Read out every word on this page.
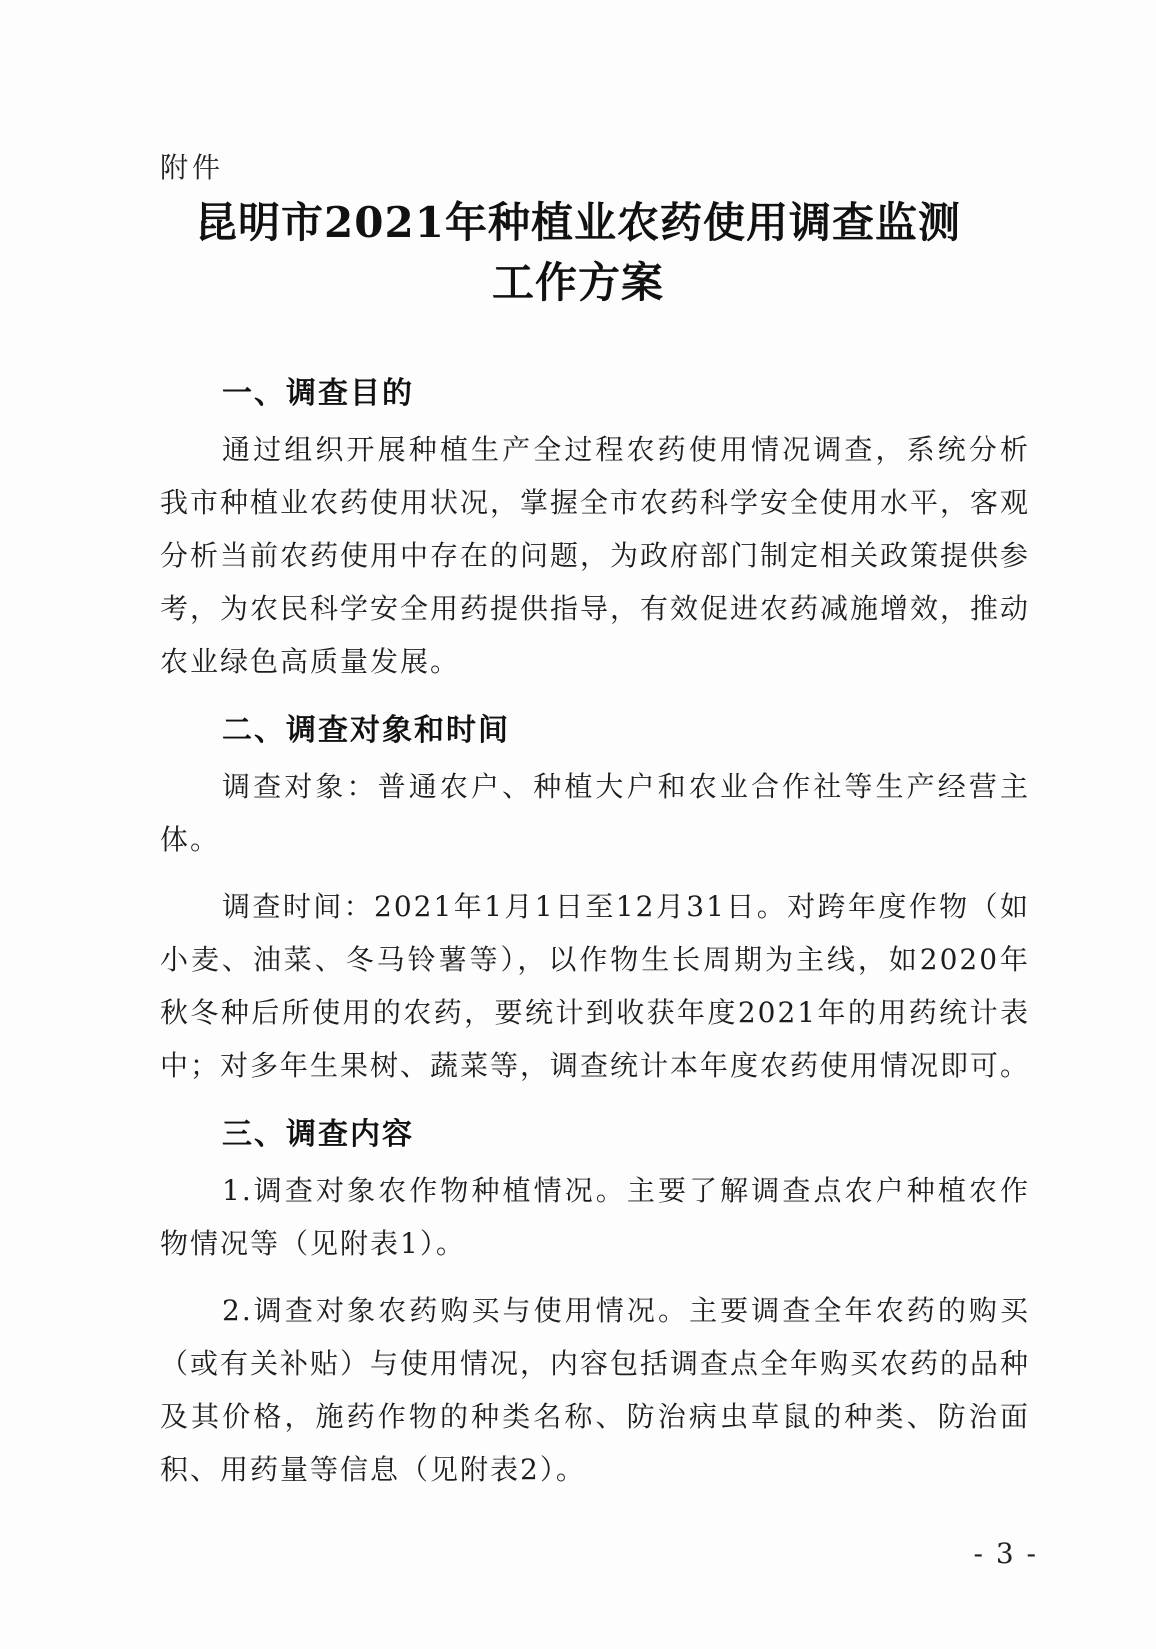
附件
昆明市2021年种植业农药使用调查监测
工作方案
一、调查目的

通过组织开展种植生产全过程农药使用情况调查，系统分析我市种植业农药使用状况，掌握全市农药科学安全使用水平，客观分析当前农药使用中存在的问题，为政府部门制定相关政策提供参考，为农民科学安全用药提供指导，有效促进农药减施增效，推动农业绿色高质量发展。

二、调查对象和时间

调查对象：普通农户、种植大户和农业合作社等生产经营主体。

调查时间：2021年1月1日至12月31日。对跨年度作物（如小麦、油菜、冬马铃薯等），以作物生长周期为主线，如2020年秋冬种后所使用的农药，要统计到收获年度2021年的用药统计表中；对多年生果树、蔬菜等，调查统计本年度农药使用情况即可。

三、调查内容

1.调查对象农作物种植情况。主要了解调查点农户种植农作物情况等（见附表1）。

2.调查对象农药购买与使用情况。主要调查全年农药的购买（或有关补贴）与使用情况，内容包括调查点全年购买农药的品种及其价格，施药作物的种类名称、防治病虫草鼠的种类、防治面积、用药量等信息（见附表2）。

- 3 -
